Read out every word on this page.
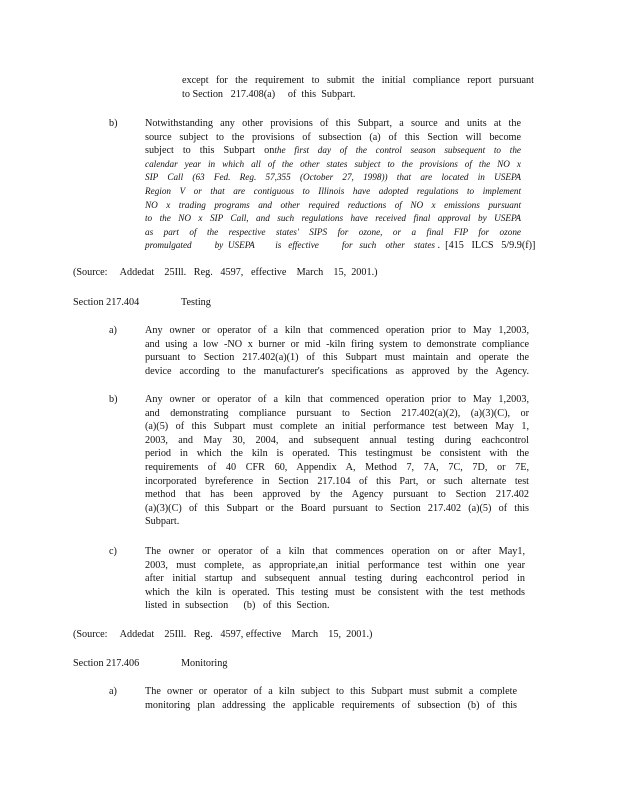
except for the requirement to submit the initial compliance report pursuant
to Section   217.408(a)     of  this  Subpart.
b)	Notwithstanding any other provisions of this Subpart, a source and units at the
source subject to the provisions of subsection (a) of this Section will become
subject to this Subpart onthe first day of the control season subsequent to the
calendar year in which all of the other states subject to the provisions of the NO x
SIP Call (63 Fed. Reg. 57,355 (October 27, 1998)) that are located in USEPA
Region V or that are contiguous to Illinois have adopted regulations to implement
NO x trading programs and other required reductions of NO x emissions pursuant
to the NO x SIP Call, and such regulations have received final approval by USEPA
as part of the respective states' SIPS for ozone, or a final FIP for ozone
promulgated          by  USEPA         is   effective          for   such    other    states .  [415   ILCS   5/9.9(f)]
(Source:     Addedat    25Ill.   Reg.   4597,   effective    March    15,  2001.)
Section 217.404	Testing
a)	Any owner or operator of a kiln that commenced operation prior to May 1,2003,
and using a low -NO x burner or mid -kiln firing system to demonstrate compliance
pursuant to Section 217.402(a)(1) of this Subpart must maintain and operate the
device according to the manufacturer's specifications as approved by the Agency.
b)	Any owner or operator of a kiln that commenced operation prior to May 1,2003,
and demonstrating compliance pursuant to Section 217.402(a)(2), (a)(3)(C), or
(a)(5) of this Subpart must complete an initial performance test between May 1,
2003, and May 30, 2004, and subsequent annual testing during eachcontrol
period in which the kiln is operated. This testingmust be consistent with the
requirements of 40 CFR 60, Appendix A, Method 7, 7A, 7C, 7D, or 7E,
incorporated byreference in Section 217.104 of this Part, or such alternate test
method that has been approved by the Agency pursuant to Section 217.402
(a)(3)(C) of this Subpart or the Board pursuant to Section 217.402 (a)(5) of this
Subpart.
c)	The owner or operator of a kiln that commences operation on or after May1,
2003, must complete, as appropriate,an initial performance test within one year
after initial startup and subsequent annual testing during eachcontrol period in
which the kiln is operated. This testing must be consistent with the test methods
listed  in  subsection      (b)   of  this  Section.
(Source:     Addedat    25Ill.   Reg.   4597, effective    March    15,  2001.)
Section 217.406	Monitoring
a)	The owner or operator of a kiln subject to this Subpart must submit a complete
monitoring plan addressing the applicable requirements of subsection (b) of this
